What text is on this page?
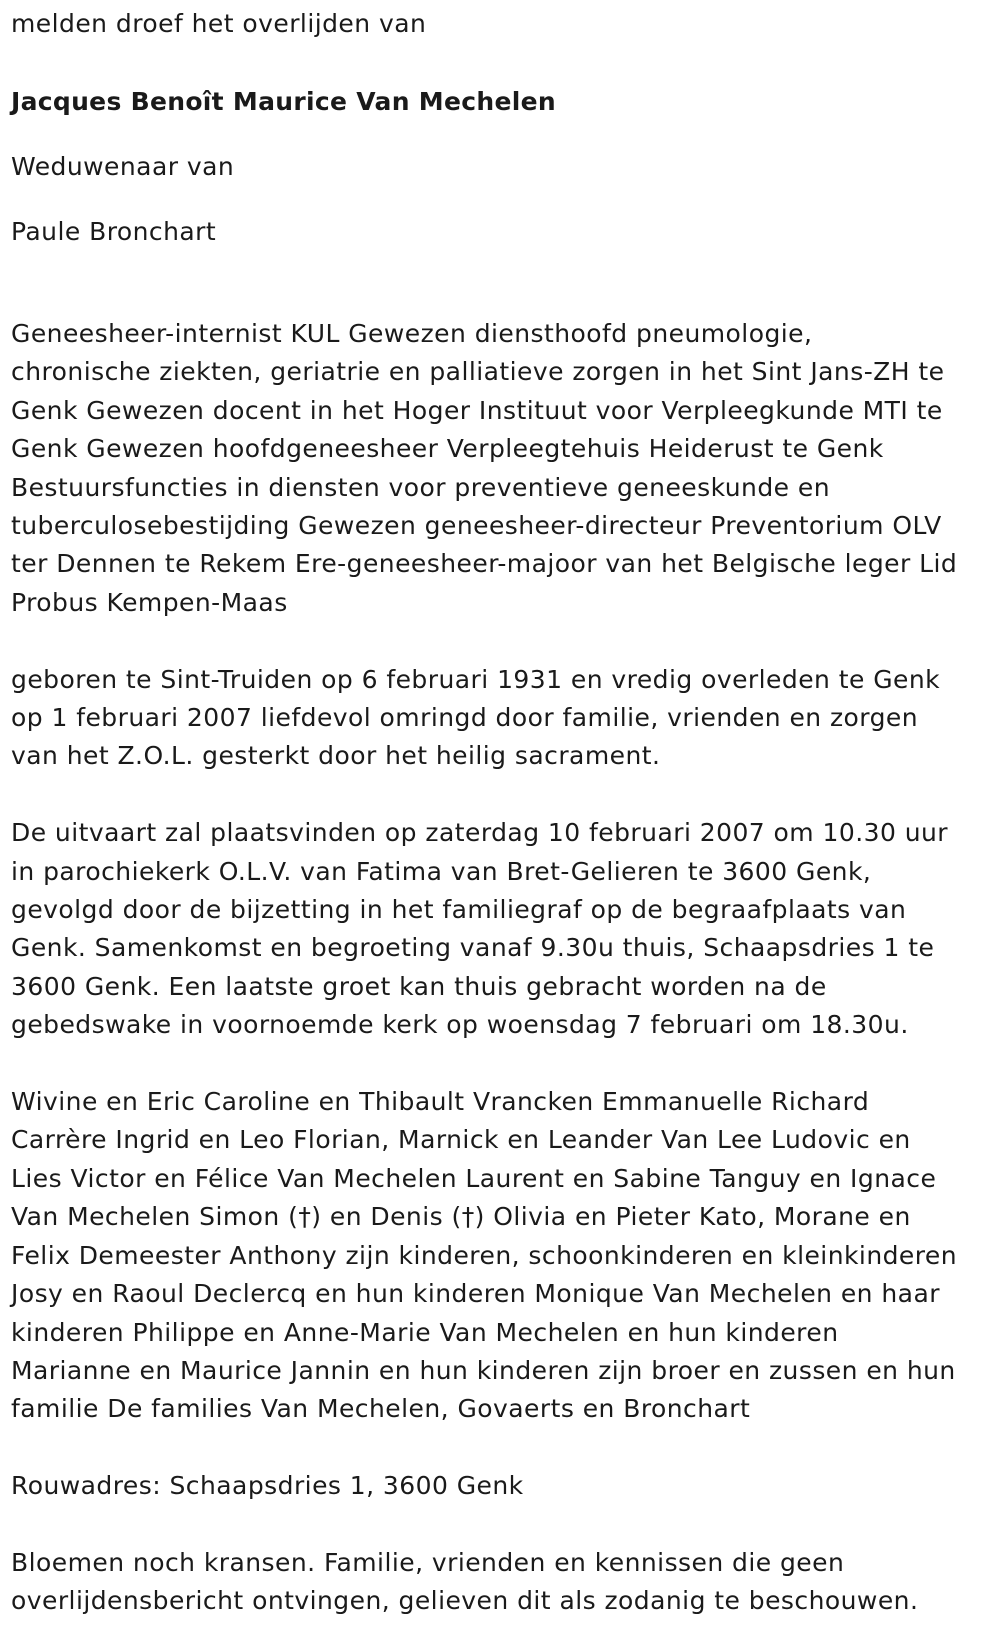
melden droef het overlijden van

Jacques Benoît Maurice Van Mechelen

Weduwenaar van

Paule Bronchart

Geneesheer-internist KUL Gewezen diensthoofd pneumologie,

chronische ziekten, geriatrie en palliatieve zorgen in het Sint Jans-ZH te

Genk Gewezen docent in het Hoger Instituut voor Verpleegkunde MTI te

Genk Gewezen hoofdgeneesheer Verpleegtehuis Heiderust te Genk

Bestuursfuncties in diensten voor preventieve geneeskunde en

tuberculosebestijding Gewezen geneesheer-directeur Preventorium OLV

ter Dennen te Rekem Ere-geneesheer-majoor van het Belgische leger Lid

Probus Kempen-Maas

geboren te Sint-Truiden op 6 februari 1931 en vredig overleden te Genk

op 1 februari 2007 liefdevol omringd door familie, vrienden en zorgen

van het Z.O.L. gesterkt door het heilig sacrament.

De uitvaart zal plaatsvinden op zaterdag 10 februari 2007 om 10.30 uur

in parochiekerk O.L.V. van Fatima van Bret-Gelieren te 3600 Genk,

gevolgd door de bijzetting in het familiegraf op de begraafplaats van

Genk. Samenkomst en begroeting vanaf 9.30u thuis, Schaapsdries 1 te

3600 Genk. Een laatste groet kan thuis gebracht worden na de

gebedswake in voornoemde kerk op woensdag 7 februari om 18.30u.

Wivine en Eric Caroline en Thibault Vrancken Emmanuelle Richard

Carrère Ingrid en Leo Florian, Marnick en Leander Van Lee Ludovic en

Lies Victor en Félice Van Mechelen Laurent en Sabine Tanguy en Ignace

Van Mechelen Simon (†) en Denis (†) Olivia en Pieter Kato, Morane en

Felix Demeester Anthony zijn kinderen, schoonkinderen en kleinkinderen

Josy en Raoul Declercq en hun kinderen Monique Van Mechelen en haar

kinderen Philippe en Anne-Marie Van Mechelen en hun kinderen

Marianne en Maurice Jannin en hun kinderen zijn broer en zussen en hun

familie De families Van Mechelen, Govaerts en Bronchart

Rouwadres: Schaapsdries 1, 3600 Genk

Bloemen noch kransen. Familie, vrienden en kennissen die geen

overlijdensbericht ontvingen, gelieven dit als zodanig te beschouwen.
